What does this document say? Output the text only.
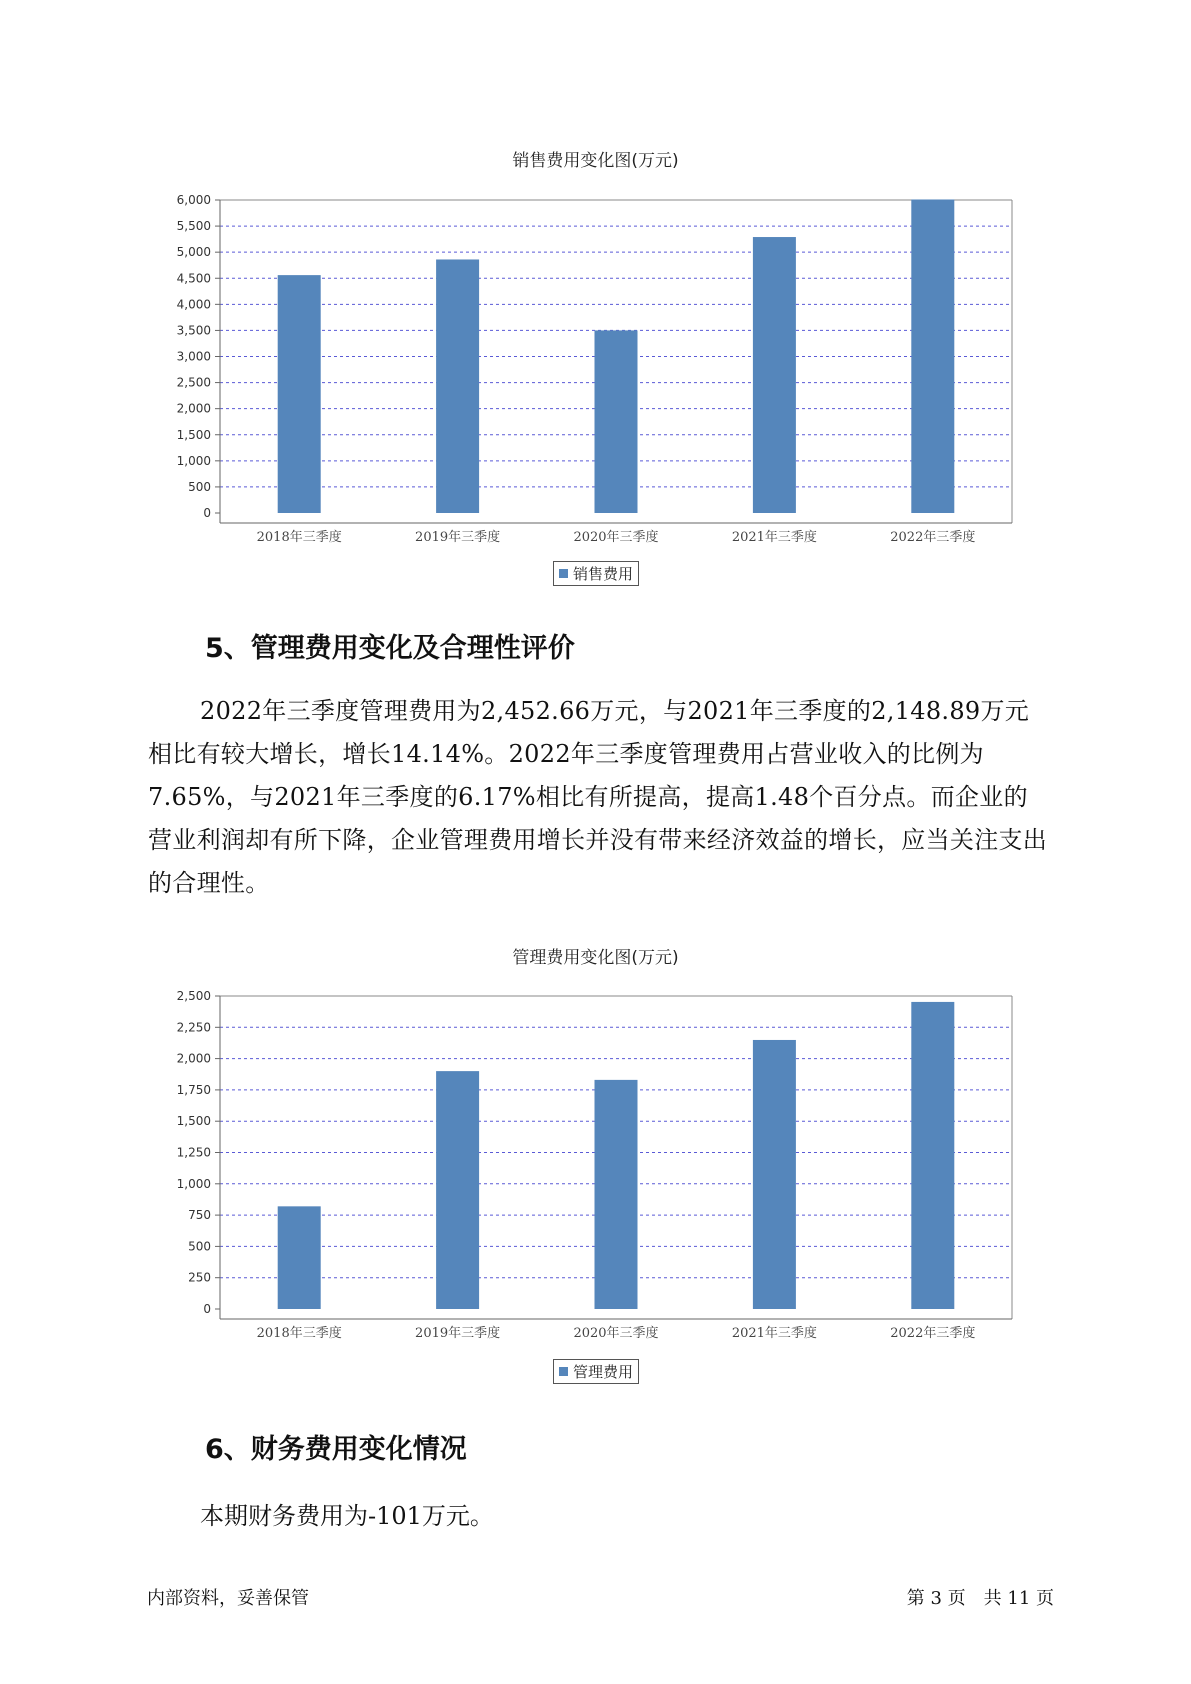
销售费用变化图(万元)
0
500
1,000
1,500
2,000
2,500
3,000
3,500
4,000
4,500
5,000
5,500
6,000
2018年三季度	2019年三季度	2020年三季度	2021年三季度	2022年三季度
销售费用
5、管理费用变化及合理性评价

2022年三季度管理费用为2,452.66万元，与2021年三季度的2,148.89万元相比有较大增长，增长14.14%。2022年三季度管理费用占营业收入的比例为7.65%，与2021年三季度的6.17%相比有所提高，提高1.48个百分点。而企业的营业利润却有所下降，企业管理费用增长并没有带来经济效益的增长，应当关注支出的合理性。

管理费用变化图(万元)
0
250
500
750
1,000
1,250
1,500
1,750
2,000
2,250
2,500
2018年三季度	2019年三季度	2020年三季度	2021年三季度	2022年三季度
管理费用
6、财务费用变化情况
本期财务费用为-101万元。
内部资料，妥善保管	第 3 页　共 11 页
